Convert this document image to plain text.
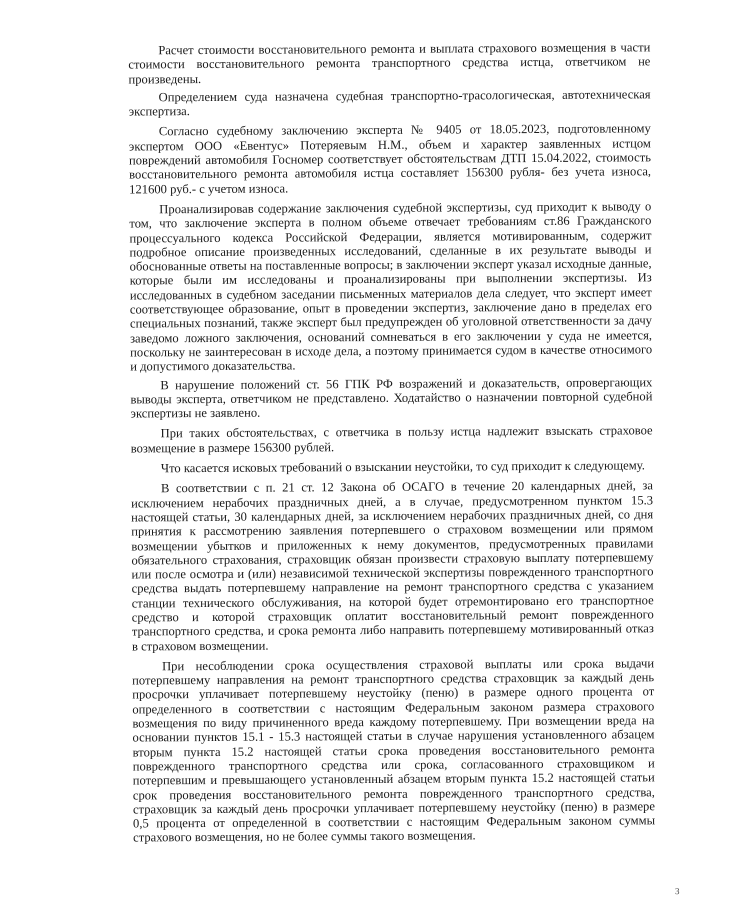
Расчет стоимости восстановительного ремонта и выплата страхового возмещения в части стоимости восстановительного ремонта транспортного средства истца, ответчиком не произведены.

Определением суда назначена судебная транспортно-трасологическая, автотехническая экспертиза.

Согласно судебному заключению эксперта № 9405 от 18.05.2023, подготовленному экспертом ООО «Евентус» Потеряевым Н.М., объем и характер заявленных истцом повреждений автомобиля Госномер соответствует обстоятельствам ДТП 15.04.2022, стоимость восстановительного ремонта автомобиля истца составляет 156300 рубля- без учета износа, 121600 руб.- с учетом износа.

Проанализировав содержание заключения судебной экспертизы, суд приходит к выводу о том, что заключение эксперта в полном объеме отвечает требованиям ст.86 Гражданского процессуального кодекса Российской Федерации, является мотивированным, содержит подробное описание произведенных исследований, сделанные в их результате выводы и обоснованные ответы на поставленные вопросы; в заключении эксперт указал исходные данные, которые были им исследованы и проанализированы при выполнении экспертизы. Из исследованных в судебном заседании письменных материалов дела следует, что эксперт имеет соответствующее образование, опыт в проведении экспертиз, заключение дано в пределах его специальных познаний, также эксперт был предупрежден об уголовной ответственности за дачу заведомо ложного заключения, оснований сомневаться в его заключении у суда не имеется, поскольку не заинтересован в исходе дела, а поэтому принимается судом в качестве относимого и допустимого доказательства.

В нарушение положений ст. 56 ГПК РФ возражений и доказательств, опровергающих выводы эксперта, ответчиком не представлено. Ходатайство о назначении повторной судебной экспертизы не заявлено.

При таких обстоятельствах, с ответчика в пользу истца надлежит взыскать страховое возмещение в размере 156300 рублей.

Что касается исковых требований о взыскании неустойки, то суд приходит к следующему.

В соответствии с п. 21 ст. 12 Закона об ОСАГО в течение 20 календарных дней, за исключением нерабочих праздничных дней, а в случае, предусмотренном пунктом 15.3 настоящей статьи, 30 календарных дней, за исключением нерабочих праздничных дней, со дня принятия к рассмотрению заявления потерпевшего о страховом возмещении или прямом возмещении убытков и приложенных к нему документов, предусмотренных правилами обязательного страхования, страховщик обязан произвести страховую выплату потерпевшему или после осмотра и (или) независимой технической экспертизы поврежденного транспортного средства выдать потерпевшему направление на ремонт транспортного средства с указанием станции технического обслуживания, на которой будет отремонтировано его транспортное средство и которой страховщик оплатит восстановительный ремонт поврежденного транспортного средства, и срока ремонта либо направить потерпевшему мотивированный отказ в страховом возмещении.

При несоблюдении срока осуществления страховой выплаты или срока выдачи потерпевшему направления на ремонт транспортного средства страховщик за каждый день просрочки уплачивает потерпевшему неустойку (пеню) в размере одного процента от определенного в соответствии с настоящим Федеральным законом размера страхового возмещения по виду причиненного вреда каждому потерпевшему. При возмещении вреда на основании пунктов 15.1 - 15.3 настоящей статьи в случае нарушения установленного абзацем вторым пункта 15.2 настоящей статьи срока проведения восстановительного ремонта поврежденного транспортного средства или срока, согласованного страховщиком и потерпевшим и превышающего установленный абзацем вторым пункта 15.2 настоящей статьи срок проведения восстановительного ремонта поврежденного транспортного средства, страховщик за каждый день просрочки уплачивает потерпевшему неустойку (пеню) в размере 0,5 процента от определенной в соответствии с настоящим Федеральным законом суммы страхового возмещения, но не более суммы такого возмещения.

3
